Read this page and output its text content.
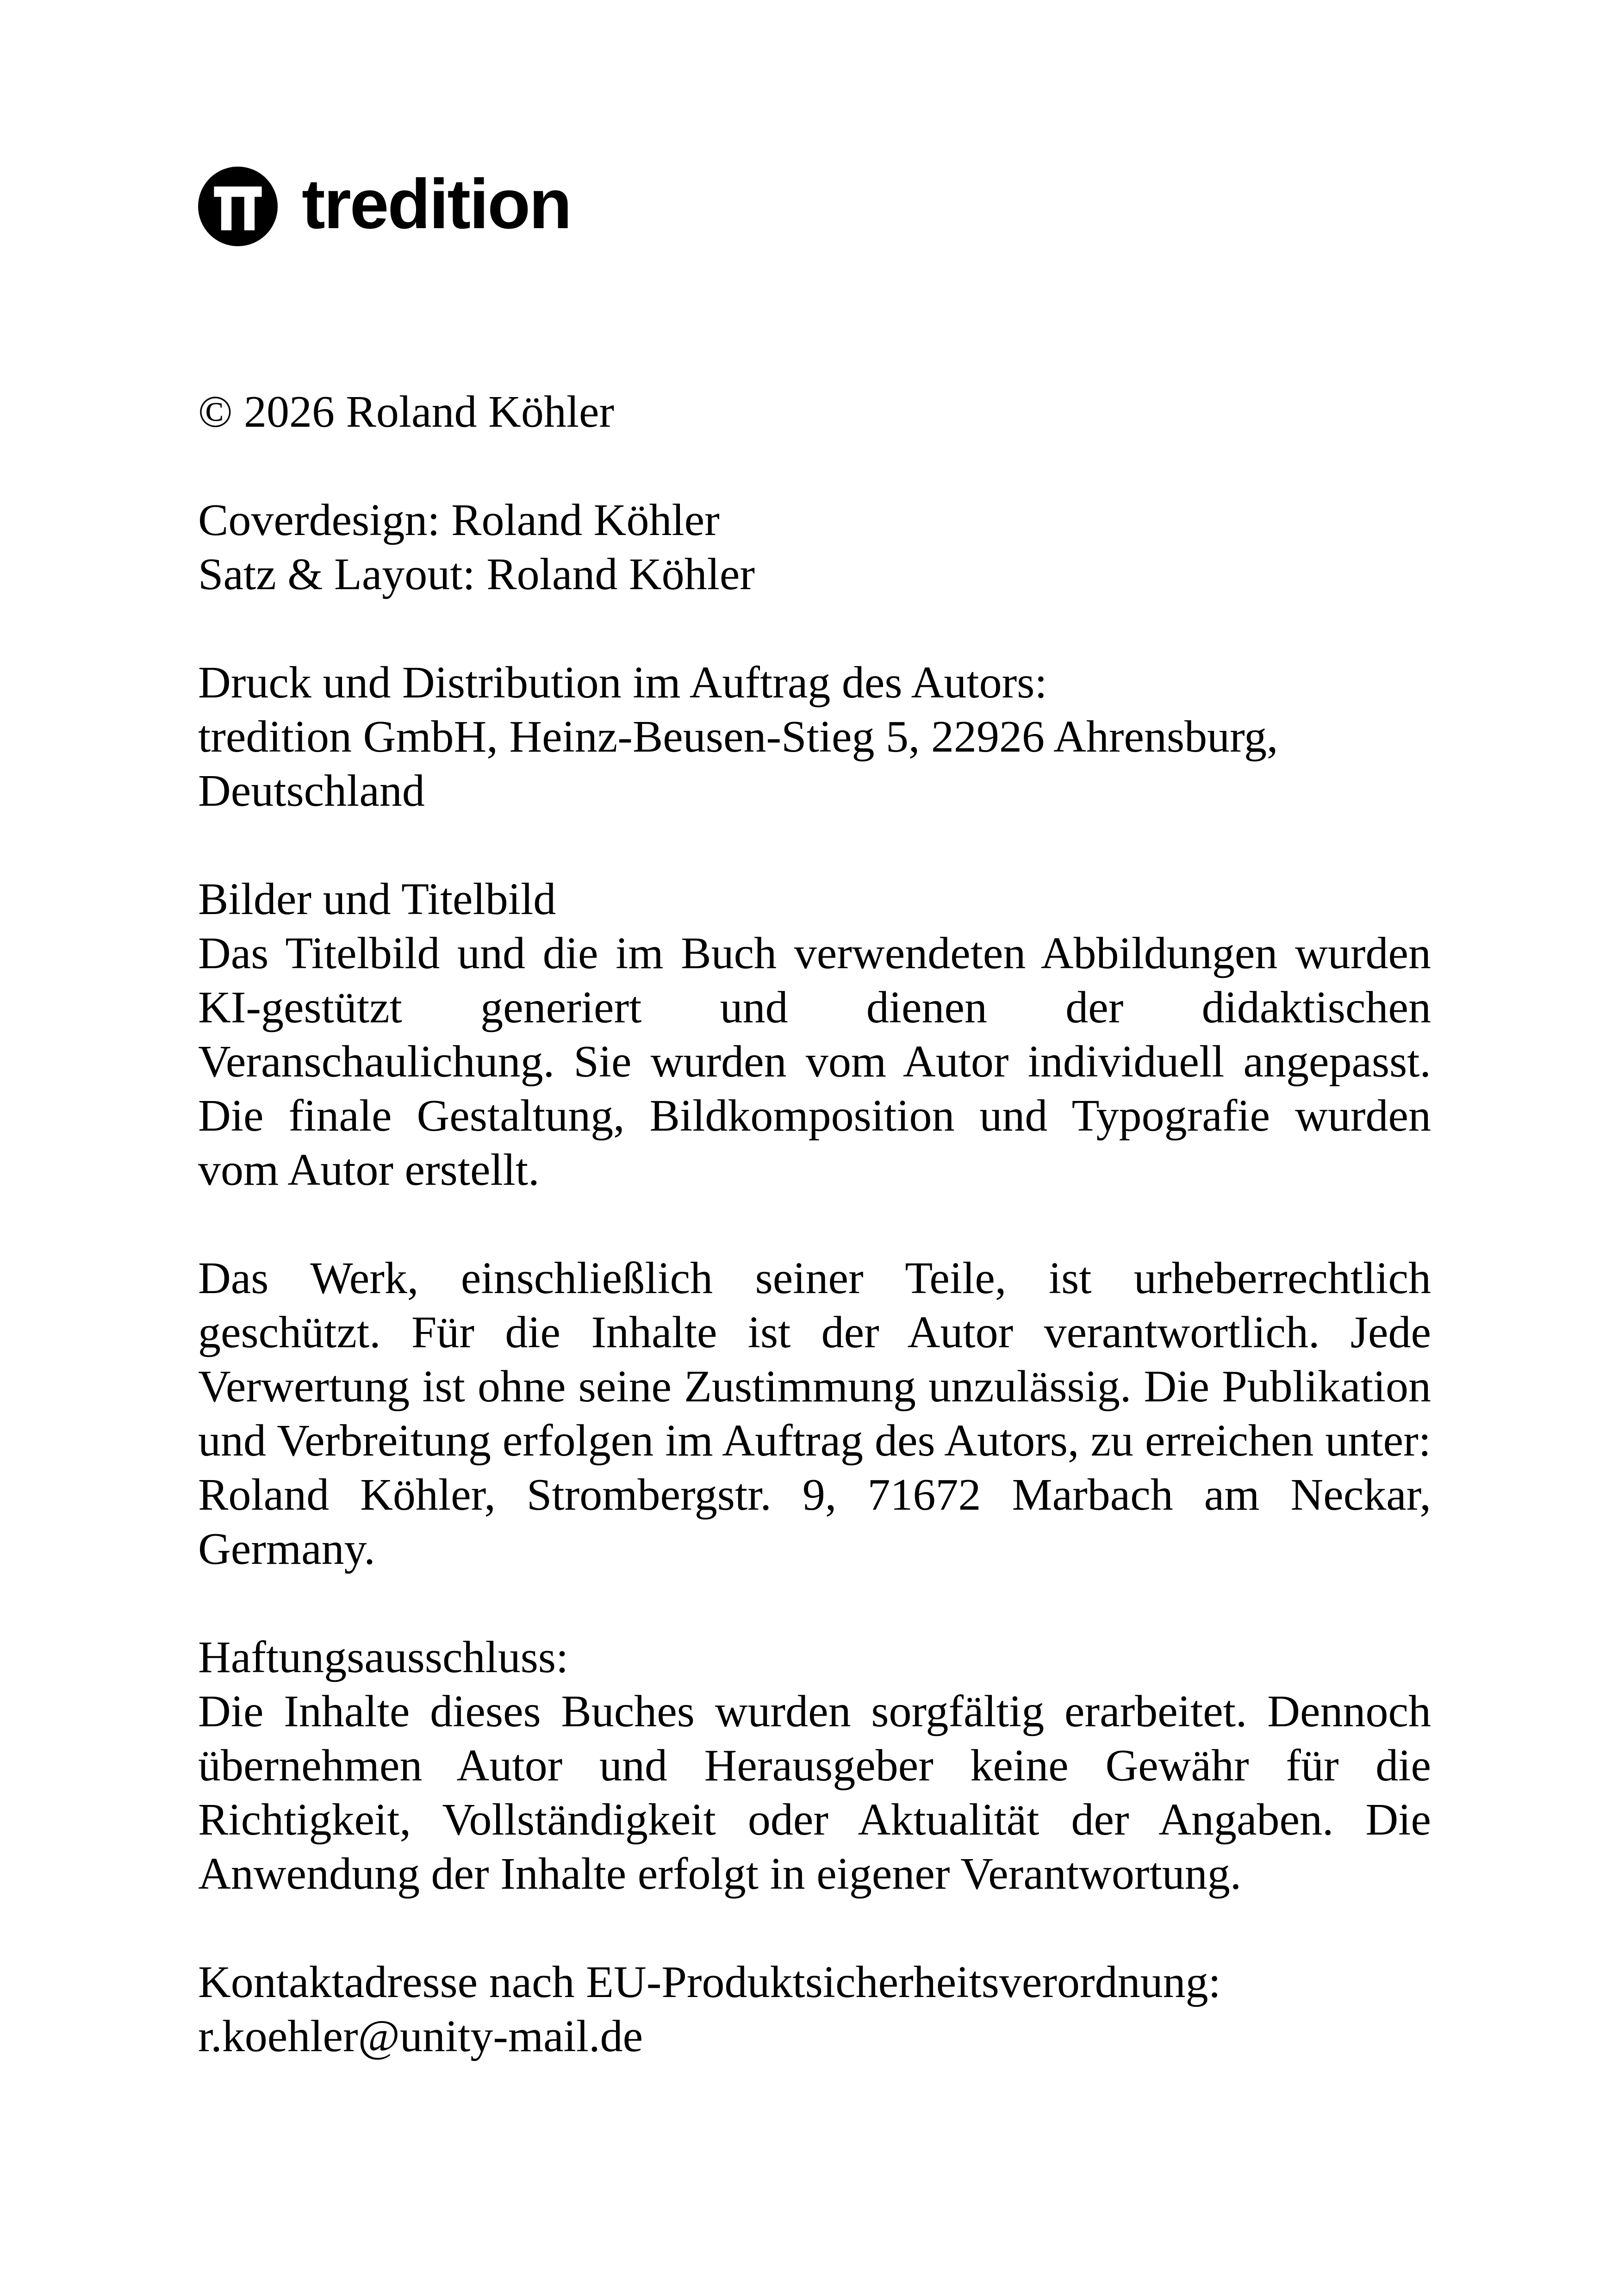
tredition

© 2026 Roland Köhler

Coverdesign: Roland Köhler

Satz & Layout: Roland Köhler

Druck und Distribution im Auftrag des Autors:

tredition GmbH, Heinz-Beusen-Stieg 5, 22926 Ahrensburg,

Deutschland

Bilder und Titelbild

Das Titelbild und die im Buch verwendeten Abbildungen wurden KI-gestützt generiert und dienen der didaktischen Veranschaulichung. Sie wurden vom Autor individuell angepasst. Die finale Gestaltung, Bildkomposition und Typografie wurden vom Autor erstellt.

Das Werk, einschließlich seiner Teile, ist urheberrechtlich geschützt. Für die Inhalte ist der Autor verantwortlich. Jede Verwertung ist ohne seine Zustimmung unzulässig. Die Publikation und Verbreitung erfolgen im Auftrag des Autors, zu erreichen unter: Roland Köhler, Strombergstr. 9, 71672 Marbach am Neckar, Germany.

Haftungsausschluss:

Die Inhalte dieses Buches wurden sorgfältig erarbeitet. Dennoch übernehmen Autor und Herausgeber keine Gewähr für die Richtigkeit, Vollständigkeit oder Aktualität der Angaben. Die Anwendung der Inhalte erfolgt in eigener Verantwortung.

Kontaktadresse nach EU-Produktsicherheitsverordnung:

r.koehler@unity-mail.de
